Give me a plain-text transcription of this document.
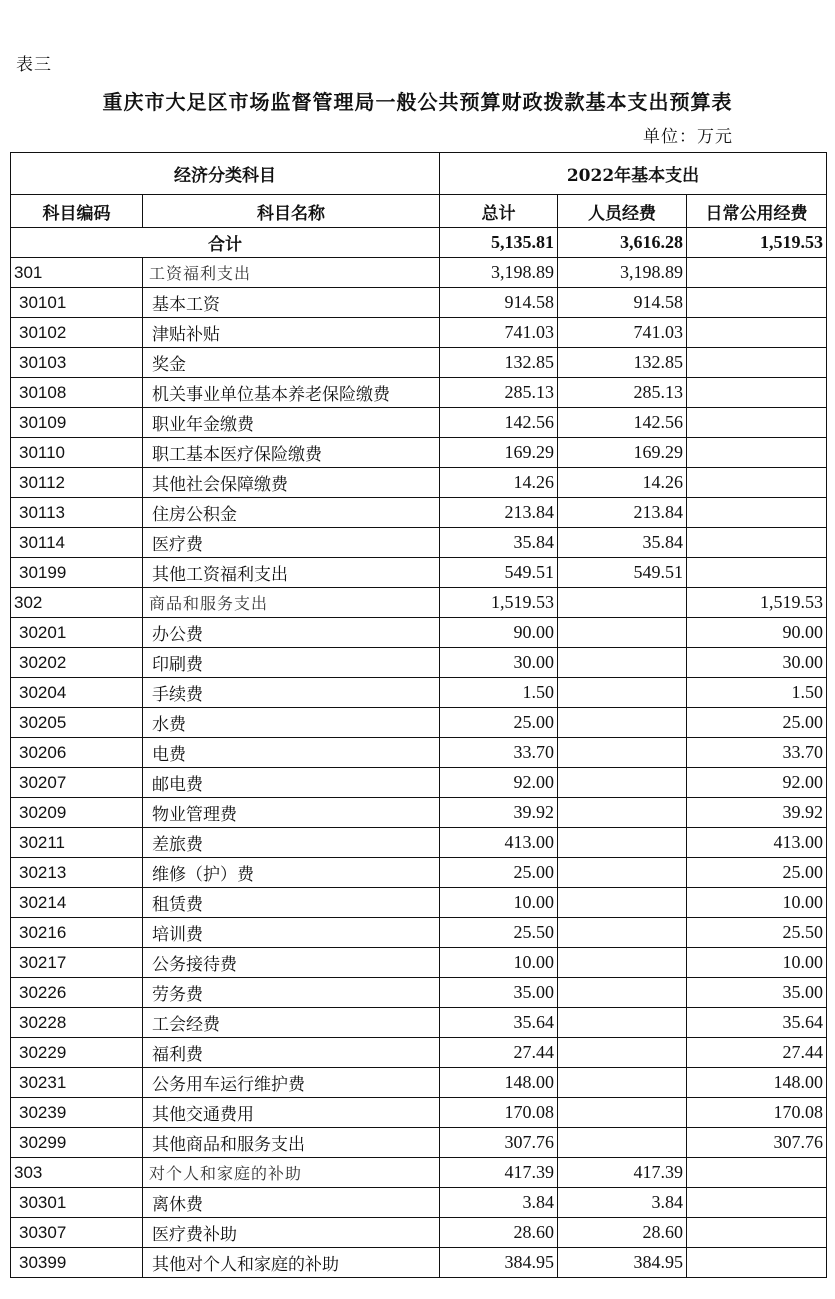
表三
重庆市大足区市场监督管理局一般公共预算财政拨款基本支出预算表
单位：万元
经济分类科目		2022年基本支出		
科目编码	科目名称	总计	人员经费	日常公用经费
合计		5,135.81	3,616.28	1,519.53
301	工资福利支出	3,198.89	3,198.89	
30101	基本工资	914.58	914.58	
30102	津贴补贴	741.03	741.03	
30103	奖金	132.85	132.85	
30108	机关事业单位基本养老保险缴费	285.13	285.13	
30109	职业年金缴费	142.56	142.56	
30110	职工基本医疗保险缴费	169.29	169.29	
30112	其他社会保障缴费	14.26	14.26	
30113	住房公积金	213.84	213.84	
30114	医疗费	35.84	35.84	
30199	其他工资福利支出	549.51	549.51	
302	商品和服务支出	1,519.53		1,519.53
30201	办公费	90.00		90.00
30202	印刷费	30.00		30.00
30204	手续费	1.50		1.50
30205	水费	25.00		25.00
30206	电费	33.70		33.70
30207	邮电费	92.00		92.00
30209	物业管理费	39.92		39.92
30211	差旅费	413.00		413.00
30213	维修（护）费	25.00		25.00
30214	租赁费	10.00		10.00
30216	培训费	25.50		25.50
30217	公务接待费	10.00		10.00
30226	劳务费	35.00		35.00
30228	工会经费	35.64		35.64
30229	福利费	27.44		27.44
30231	公务用车运行维护费	148.00		148.00
30239	其他交通费用	170.08		170.08
30299	其他商品和服务支出	307.76		307.76
303	对个人和家庭的补助	417.39	417.39	
30301	离休费	3.84	3.84	
30307	医疗费补助	28.60	28.60	
30399	其他对个人和家庭的补助	384.95	384.95	
